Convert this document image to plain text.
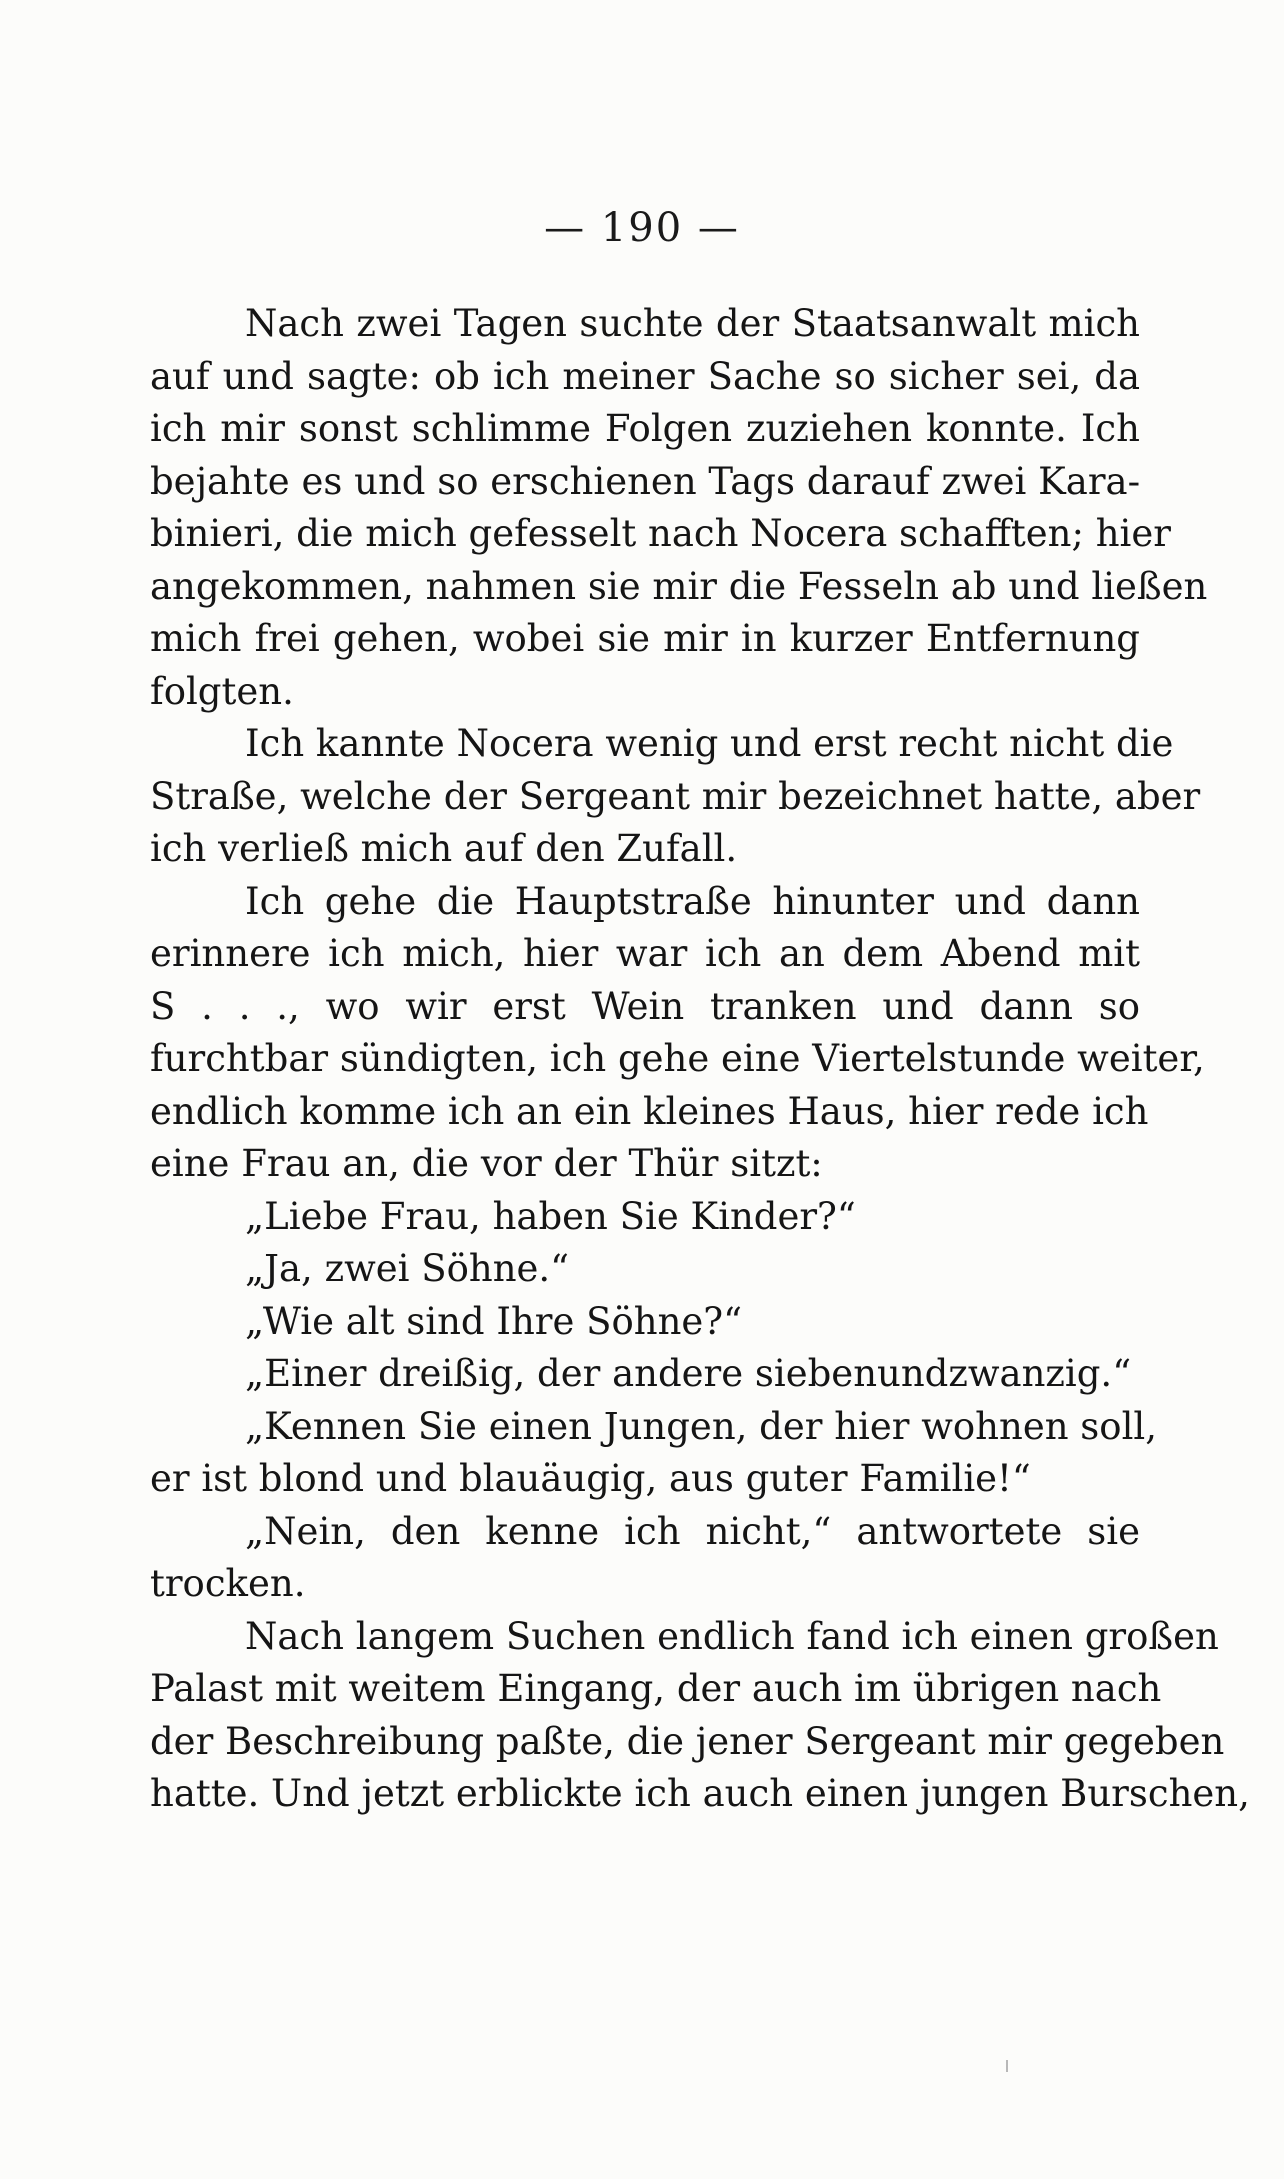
— 190 —
Nach zwei Tagen suchte der Staatsanwalt mich
auf und sagte: ob ich meiner Sache so sicher sei, da
ich mir sonst schlimme Folgen zuziehen konnte. Ich
bejahte es und so erschienen Tags darauf zwei Kara-
binieri, die mich gefesselt nach Nocera schafften; hier
angekommen, nahmen sie mir die Fesseln ab und ließen
mich frei gehen, wobei sie mir in kurzer Entfernung
folgten.
Ich kannte Nocera wenig und erst recht nicht die
Straße, welche der Sergeant mir bezeichnet hatte, aber
ich verließ mich auf den Zufall.
Ich gehe die Hauptstraße hinunter und dann
erinnere ich mich, hier war ich an dem Abend mit
S . . ., wo wir erst Wein tranken und dann so
furchtbar sündigten, ich gehe eine Viertelstunde weiter,
endlich komme ich an ein kleines Haus, hier rede ich
eine Frau an, die vor der Thür sitzt:
„Liebe Frau, haben Sie Kinder?“
„Ja, zwei Söhne.“
„Wie alt sind Ihre Söhne?“
„Einer dreißig, der andere siebenundzwanzig.“
„Kennen Sie einen Jungen, der hier wohnen soll,
er ist blond und blauäugig, aus guter Familie!“
„Nein, den kenne ich nicht,“ antwortete sie
trocken.
Nach langem Suchen endlich fand ich einen großen
Palast mit weitem Eingang, der auch im übrigen nach
der Beschreibung paßte, die jener Sergeant mir gegeben
hatte. Und jetzt erblickte ich auch einen jungen Burschen,
